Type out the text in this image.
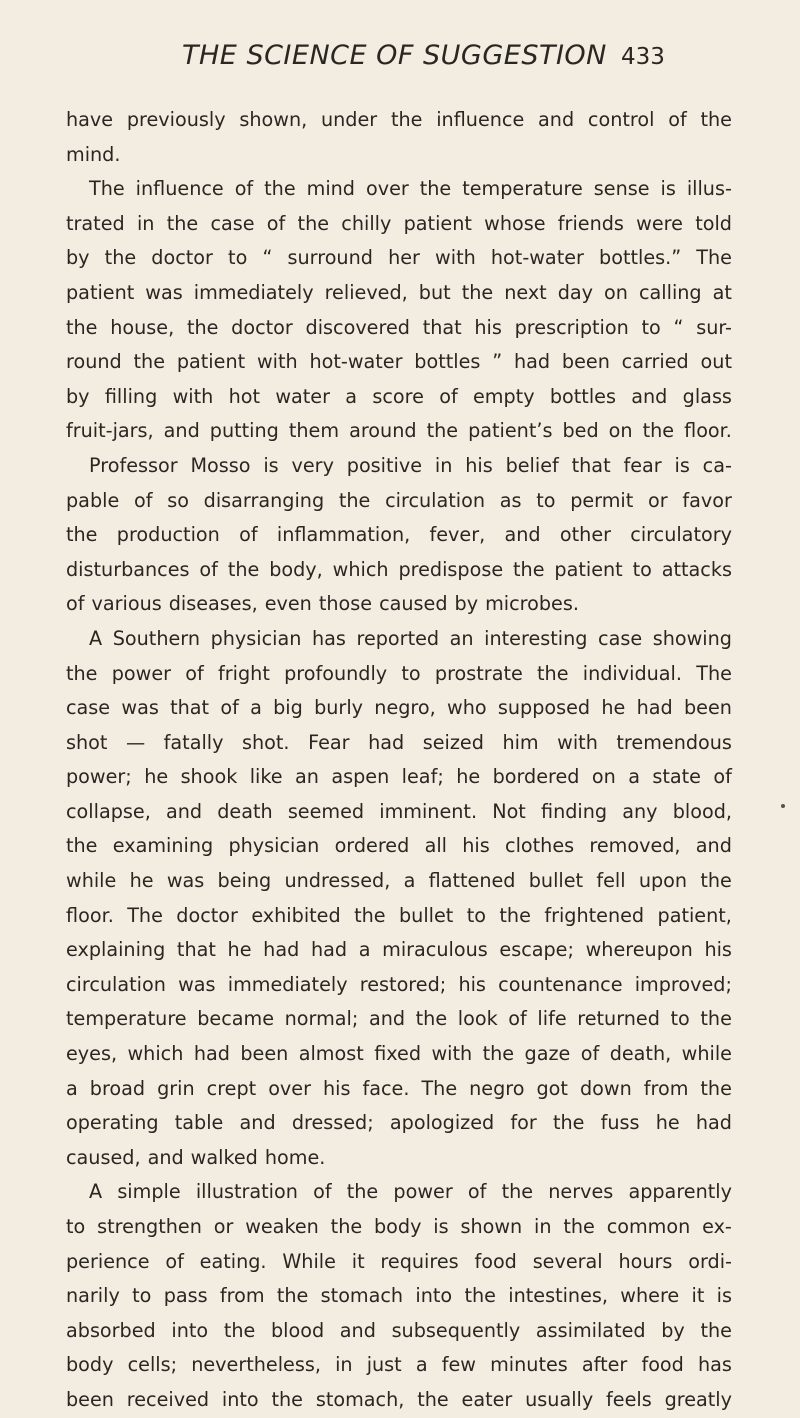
THE SCIENCE OF SUGGESTION 433
have previously shown, under the influence and control of the
mind.
The influence of the mind over the temperature sense is illus-
trated in the case of the chilly patient whose friends were told
by the doctor to “ surround her with hot-water bottles.” The
patient was immediately relieved, but the next day on calling at
the house, the doctor discovered that his prescription to “ sur-
round the patient with hot-water bottles ” had been carried out
by filling with hot water a score of empty bottles and glass
fruit-jars, and putting them around the patient’s bed on the floor.
Professor Mosso is very positive in his belief that fear is ca-
pable of so disarranging the circulation as to permit or favor
the production of inflammation, fever, and other circulatory
disturbances of the body, which predispose the patient to attacks
of various diseases, even those caused by microbes.
A Southern physician has reported an interesting case showing
the power of fright profoundly to prostrate the individual. The
case was that of a big burly negro, who supposed he had been
shot — fatally shot. Fear had seized him with tremendous
power; he shook like an aspen leaf; he bordered on a state of
collapse, and death seemed imminent. Not finding any blood,
the examining physician ordered all his clothes removed, and
while he was being undressed, a flattened bullet fell upon the
floor. The doctor exhibited the bullet to the frightened patient,
explaining that he had had a miraculous escape; whereupon his
circulation was immediately restored; his countenance improved;
temperature became normal; and the look of life returned to the
eyes, which had been almost fixed with the gaze of death, while
a broad grin crept over his face. The negro got down from the
operating table and dressed; apologized for the fuss he had
caused, and walked home.
A simple illustration of the power of the nerves apparently
to strengthen or weaken the body is shown in the common ex-
perience of eating. While it requires food several hours ordi-
narily to pass from the stomach into the intestines, where it is
absorbed into the blood and subsequently assimilated by the
body cells; nevertheless, in just a few minutes after food has
been received into the stomach, the eater usually feels greatly
